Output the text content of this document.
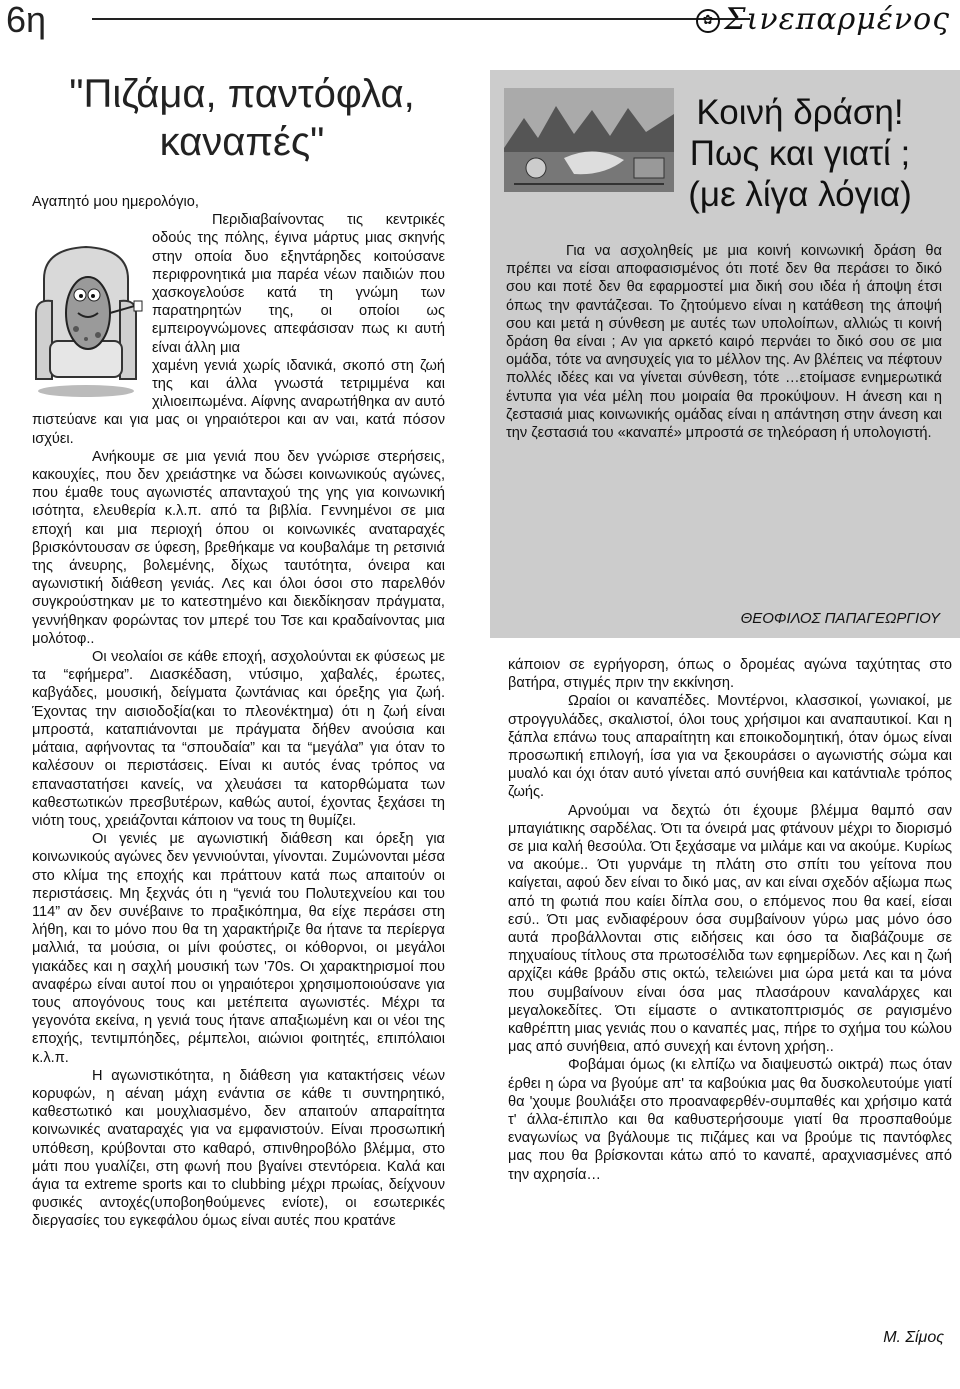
6η	✿ Σινεπαρμένος
"Πιζάμα, παντόφλα,
καναπές"

Αγαπητό μου ημερολόγιο,

Περιδιαβαίνοντας τις κεντρικές οδούς της πόλης, έγινα μάρτυς μιας σκηνής στην οποία δυο εξηντάρηδες κοιτούσανε περιφρονητικά μια παρέα νέων παιδιών που χασκογελούσε κατά τη γνώμη των παρατηρητών της, οι οποίοι ως εμπειρογνώμονες απεφάσισαν πως κι αυτή είναι άλλη μια

χαμένη γενιά χωρίς ιδανικά, σκοπό στη ζωή της και άλλα γνωστά τετριμμένα και χιλιοειπωμένα. Αίφνης αναρωτήθηκα αν αυτό πιστεύανε και για μας οι γηραιότεροι και αν ναι, κατά πόσον ισχύει.

Ανήκουμε σε μια γενιά που δεν γνώρισε στερήσεις, κακουχίες, που δεν χρειάστηκε να δώσει κοινωνικούς αγώνες, που έμαθε τους αγωνιστές απανταχού της γης για κοινωνική ισότητα, ελευθερία κ.λ.π. από τα βιβλία. Γεννημένοι σε μια εποχή και μια περιοχή όπου οι κοινωνικές αναταραχές βρισκόντουσαν σε ύφεση, βρεθήκαμε να κουβαλάμε τη ρετσινιά της άνευρης, βολεμένης, δίχως ταυτότητα, όνειρα και αγωνιστική διάθεση γενιάς. Λες και όλοι όσοι στο παρελθόν συγκρούστηκαν με το κατεστημένο και διεκδίκησαν πράγματα, γεννήθηκαν φορώντας τον μπερέ του Τσε και κραδαίνοντας μια μολότοφ..

Οι νεολαίοι σε κάθε εποχή, ασχολούνται εκ φύσεως με τα “εφήμερα”. Διασκέδαση, ντύσιμο, χαβαλές, έρωτες, καβγάδες, μουσική, δείγματα ζωντάνιας και όρεξης για ζωή. Έχοντας την αισιοδοξία(και το πλεονέκτημα) ότι η ζωή είναι μπροστά, καταπιάνονται με πράγματα δήθεν ανούσια και μάταια, αφήνοντας τα “σπουδαία” και τα “μεγάλα” για όταν το καλέσουν οι περιστάσεις. Είναι κι αυτός ένας τρόπος να επαναστατήσει κανείς, να χλευάσει τα κατορθώματα των καθεστωτικών πρεσβυτέρων, καθώς αυτοί, έχοντας ξεχάσει τη νιότη τους, χρειάζονται κάποιον να τους τη θυμίζει.

Οι γενιές με αγωνιστική διάθεση και όρεξη για κοινωνικούς αγώνες δεν γεννιούνται, γίνονται. Ζυμώνονται μέσα στο κλίμα της εποχής και πράττουν κατά πως απαιτούν οι περιστάσεις. Μη ξεχνάς ότι η “γενιά του Πολυτεχνείου και του 114” αν δεν συνέβαινε το πραξικόπημα, θα είχε περάσει στη λήθη, και το μόνο που θα τη χαρακτήριζε θα ήτανε τα περίεργα μαλλιά, τα μούσια, οι μίνι φούστες, οι κόθορνοι, οι μεγάλοι γιακάδες και η σαχλή μουσική των '70s. Οι χαρακτηρισμοί που αναφέρω είναι αυτοί που οι γηραιότεροι χρησιμοποιούσανε για τους απογόνους τους και μετέπειτα αγωνιστές. Μέχρι τα γεγονότα εκείνα, η γενιά τους ήτανε απαξιωμένη και οι νέοι της εποχής, τεντιμπόηδες, ρέμπελοι, αιώνιοι φοιτητές, επιπόλαιοι κ.λ.π.

Η αγωνιστικότητα, η διάθεση για κατακτήσεις νέων κορυφών, η αέναη μάχη ενάντια σε κάθε τι συντηρητικό, καθεστωτικό και μουχλιασμένο, δεν απαιτούν απαραίτητα κοινωνικές αναταραχές για να εμφανιστούν. Είναι προσωπική υπόθεση, κρύβονται στο καθαρό, σπινθηροβόλο βλέμμα, στο μάτι που γυαλίζει, στη φωνή που βγαίνει στεντόρεια. Καλά και άγια τα extreme sports και τo clubbing μέχρι πρωίας, δείχνουν φυσικές αντοχές(υποβοηθούμενες ενίοτε), οι εσωτερικές διεργασίες του εγκεφάλου όμως είναι αυτές που κρατάνε

Κοινή δράση!
Πως και γιατί ;
(με λίγα λόγια)

Για να ασχοληθείς με μια κοινή κοινωνική δράση θα πρέπει να είσαι αποφασισμένος ότι ποτέ δεν θα περάσει το δικό σου και ποτέ δεν θα εφαρμοστεί μια δική σου ιδέα ή άποψη έτσι όπως την φαντάζεσαι. Το ζητούμενο είναι η κατάθεση της άποψή σου και μετά η σύνθεση με αυτές των υπολοίπων, αλλιώς τι κοινή δράση θα είναι ; Αν για αρκετό καιρό περνάει το δικό σου σε μια ομάδα, τότε να ανησυχείς για το μέλλον της. Αν βλέπεις να πέφτουν πολλές ιδέες και να γίνεται σύνθεση, τότε …ετοίμασε ενημερωτικά έντυπα για νέα μέλη που μοιραία θα προκύψουν. Η άνεση και η ζεστασιά μιας κοινωνικής ομάδας είναι η απάντηση στην άνεση και την ζεστασιά του «καναπέ» μπροστά σε τηλεόραση ή υπολογιστή.

ΘΕΟΦΙΛΟΣ ΠΑΠΑΓΕΩΡΓΙΟΥ

κάποιον σε εγρήγορση, όπως ο δρομέας αγώνα ταχύτητας στο βατήρα, στιγμές πριν την εκκίνηση.

Ωραίοι οι καναπέδες. Μοντέρνοι, κλασσικοί, γωνιακοί, με στρογγυλάδες, σκαλιστοί, όλοι τους χρήσιμοι και αναπαυτικοί. Και η ξάπλα επάνω τους απαραίτητη και εποικοδομητική, όταν όμως είναι προσωπική επιλογή, ίσα για να ξεκουράσει ο αγωνιστής σώμα και μυαλό και όχι όταν αυτό γίνεται από συνήθεια και κατάντιαλε τρόπος ζωής.

Αρνούμαι να δεχτώ ότι έχουμε βλέμμα θαμπό σαν μπαγιάτικης σαρδέλας. Ότι τα όνειρά μας φτάνουν μέχρι το διορισμό σε μια καλή θεσούλα. Ότι ξεχάσαμε να μιλάμε και να ακούμε. Κυρίως να ακούμε.. Ότι γυρνάμε τη πλάτη στο σπίτι του γείτονα που καίγεται, αφού δεν είναι το δικό μας, αν και είναι σχεδόν αξίωμα πως από τη φωτιά που καίει δίπλα σου, ο επόμενος που θα καεί, είσαι εσύ.. Ότι μας ενδιαφέρουν όσα συμβαίνουν γύρω μας μόνο όσο αυτά προβάλλονται στις ειδήσεις και όσο τα διαβάζουμε σε πηχυαίους τίτλους στα πρωτοσέλιδα των εφημερίδων. Λες και η ζωή αρχίζει κάθε βράδυ στις οκτώ, τελειώνει μια ώρα μετά και τα μόνα που συμβαίνουν είναι όσα μας πλασάρουν καναλάρχες και μεγαλοκεδίτες. Ότι είμαστε ο αντικατοπτρισμός σε ραγισμένο καθρέπτη μιας γενιάς που ο καναπές μας, πήρε το σχήμα του κώλου μας από συνήθεια, από συνεχή και έντονη χρήση..

Φοβάμαι όμως (κι ελπίζω να διαψευστώ οικτρά) πως όταν έρθει η ώρα να βγούμε απ' τα καβούκια μας θα δυσκολευτούμε γιατί θα 'χουμε βουλιάξει στο προαναφερθέν-συμπαθές και χρήσιμο κατά τ' άλλα-έπιπλο και θα καθυστερήσουμε γιατί θα προσπαθούμε εναγωνίως να βγάλουμε τις πιζάμες και να βρούμε τις παντόφλες μας που θα βρίσκονται κάτω από το καναπέ, αραχνιασμένες από την αχρησία…

Μ. Σίμος
